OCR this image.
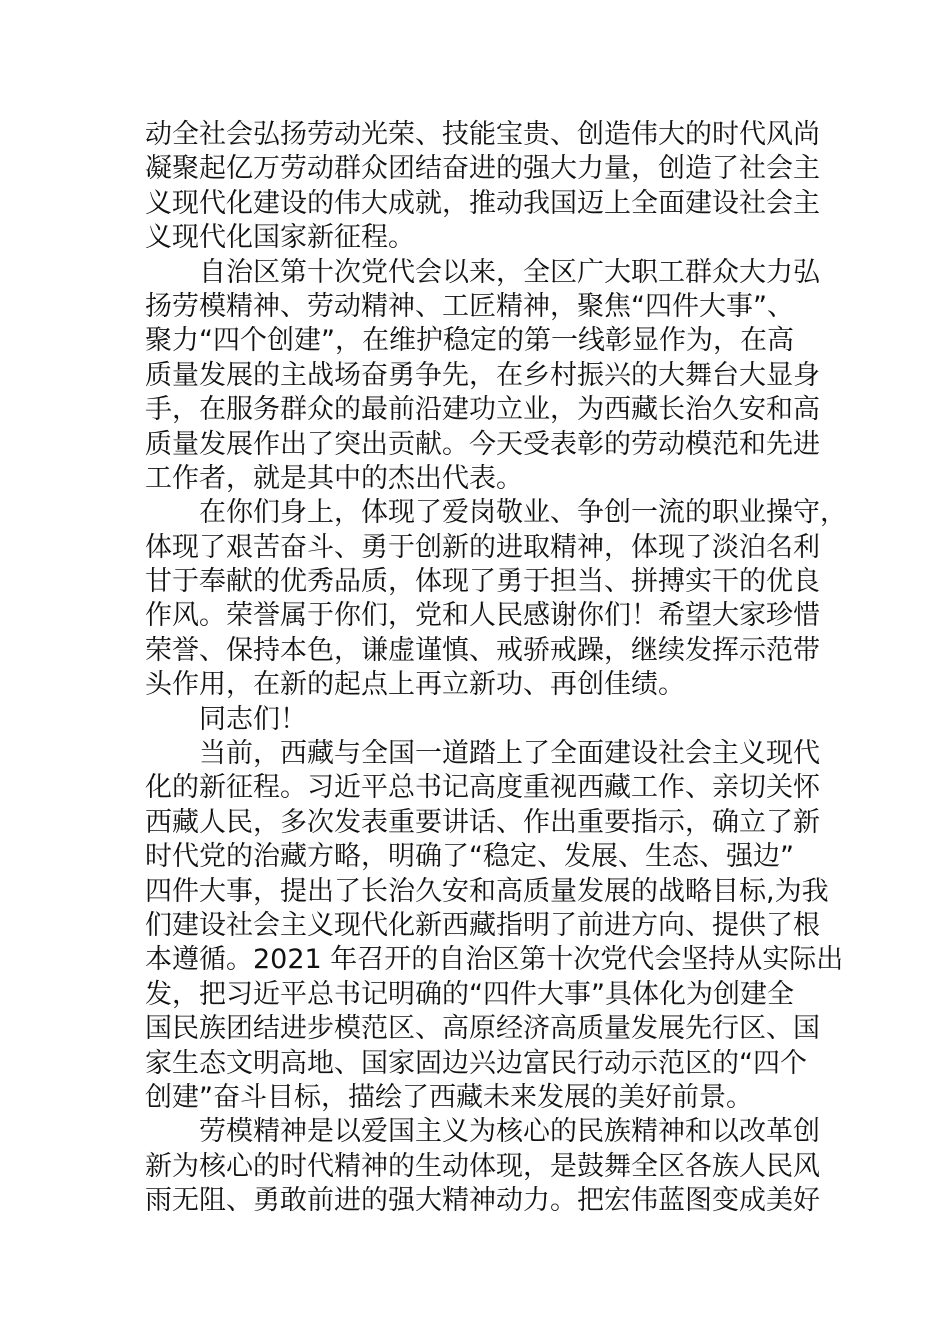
动全社会弘扬劳动光荣、技能宝贵、创造伟大的时代风尚
凝聚起亿万劳动群众团结奋进的强大力量，创造了社会主
义现代化建设的伟大成就，推动我国迈上全面建设社会主
义现代化国家新征程。
自治区第十次党代会以来，全区广大职工群众大力弘
扬劳模精神、劳动精神、工匠精神，聚焦“四件大事”、
聚力“四个创建”，在维护稳定的第一线彰显作为，在高
质量发展的主战场奋勇争先，在乡村振兴的大舞台大显身
手，在服务群众的最前沿建功立业，为西藏长治久安和高
质量发展作出了突出贡献。今天受表彰的劳动模范和先进
工作者，就是其中的杰出代表。
在你们身上，体现了爱岗敬业、争创一流的职业操守，
体现了艰苦奋斗、勇于创新的进取精神，体现了淡泊名利
甘于奉献的优秀品质，体现了勇于担当、拼搏实干的优良
作风。荣誉属于你们，党和人民感谢你们！希望大家珍惜
荣誉、保持本色，谦虚谨慎、戒骄戒躁，继续发挥示范带
头作用，在新的起点上再立新功、再创佳绩。
同志们！
当前，西藏与全国一道踏上了全面建设社会主义现代
化的新征程。习近平总书记高度重视西藏工作、亲切关怀
西藏人民，多次发表重要讲话、作出重要指示，确立了新
时代党的治藏方略，明确了“稳定、发展、生态、强边”
四件大事，提出了长治久安和高质量发展的战略目标,为我
们建设社会主义现代化新西藏指明了前进方向、提供了根
本遵循。2021 年召开的自治区第十次党代会坚持从实际出
发，把习近平总书记明确的“四件大事”具体化为创建全
国民族团结进步模范区、高原经济高质量发展先行区、国
家生态文明高地、国家固边兴边富民行动示范区的“四个
创建”奋斗目标，描绘了西藏未来发展的美好前景。
劳模精神是以爱国主义为核心的民族精神和以改革创
新为核心的时代精神的生动体现，是鼓舞全区各族人民风
雨无阻、勇敢前进的强大精神动力。把宏伟蓝图变成美好
